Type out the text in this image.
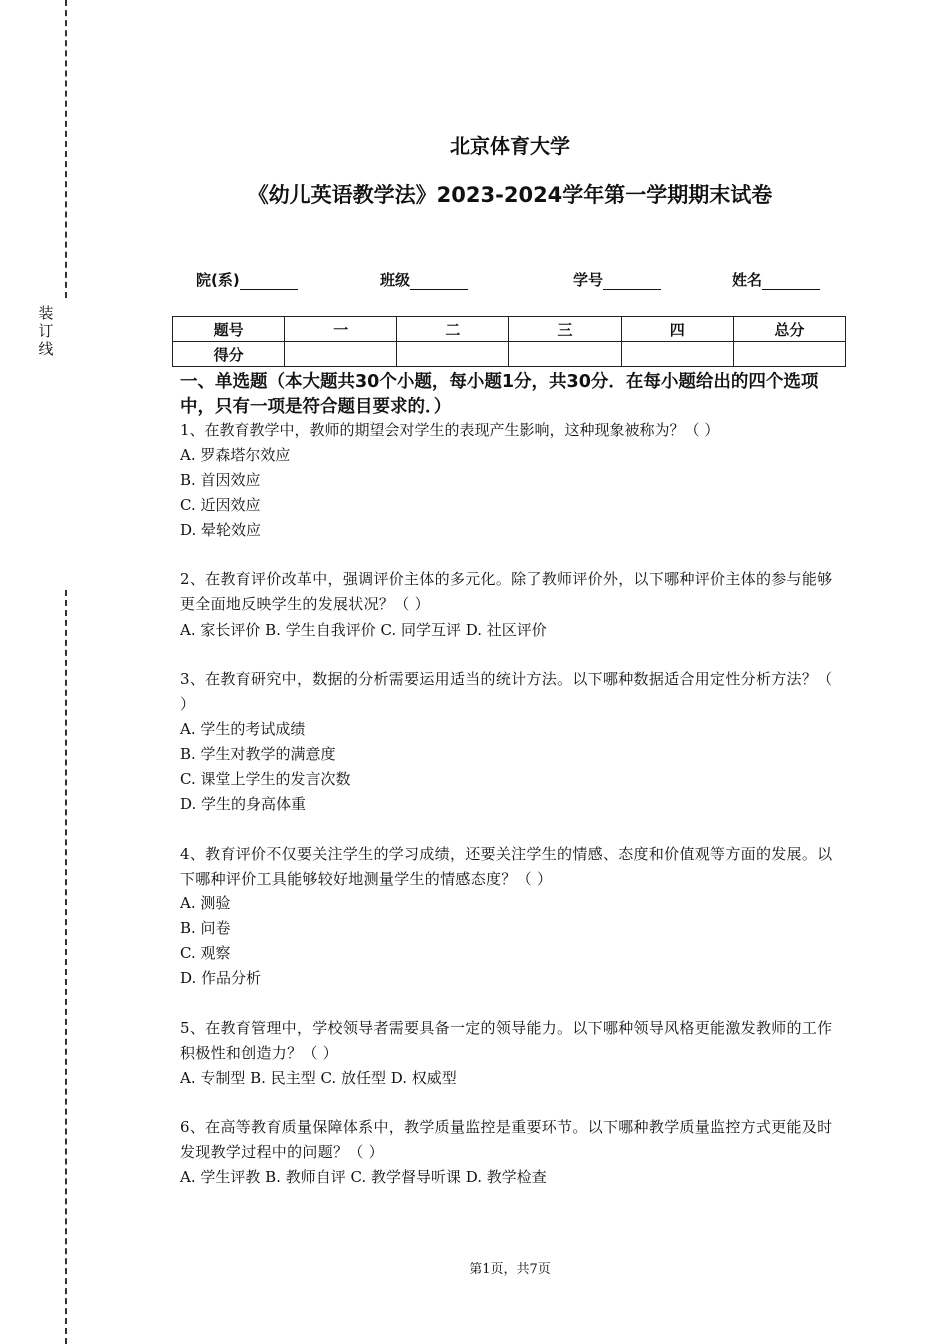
装
订
线
北京体育大学
《幼儿英语教学法》2023-2024学年第一学期期末试卷
院(系)	班级	学号	姓名
题号	一	二	三	四	总分
得分					
一、单选题（本大题共30个小题，每小题1分，共30分．在每小题给出的四个选项中，只有一项是符合题目要求的．）
1、在教育教学中，教师的期望会对学生的表现产生影响，这种现象被称为？（ ）
A. 罗森塔尔效应
B. 首因效应
C. 近因效应
D. 晕轮效应
2、在教育评价改革中，强调评价主体的多元化。除了教师评价外，以下哪种评价主体的参与能够更全面地反映学生的发展状况？（ ）
A. 家长评价 B. 学生自我评价 C. 同学互评 D. 社区评价
3、在教育研究中，数据的分析需要运用适当的统计方法。以下哪种数据适合用定性分析方法？（ ）
A. 学生的考试成绩
B. 学生对教学的满意度
C. 课堂上学生的发言次数
D. 学生的身高体重
4、教育评价不仅要关注学生的学习成绩，还要关注学生的情感、态度和价值观等方面的发展。以下哪种评价工具能够较好地测量学生的情感态度？（ ）
A. 测验
B. 问卷
C. 观察
D. 作品分析
5、在教育管理中，学校领导者需要具备一定的领导能力。以下哪种领导风格更能激发教师的工作积极性和创造力？（ ）
A. 专制型 B. 民主型 C. 放任型 D. 权威型
6、在高等教育质量保障体系中，教学质量监控是重要环节。以下哪种教学质量监控方式更能及时发现教学过程中的问题？（ ）
A. 学生评教 B. 教师自评 C. 教学督导听课 D. 教学检查
第1页，共7页
